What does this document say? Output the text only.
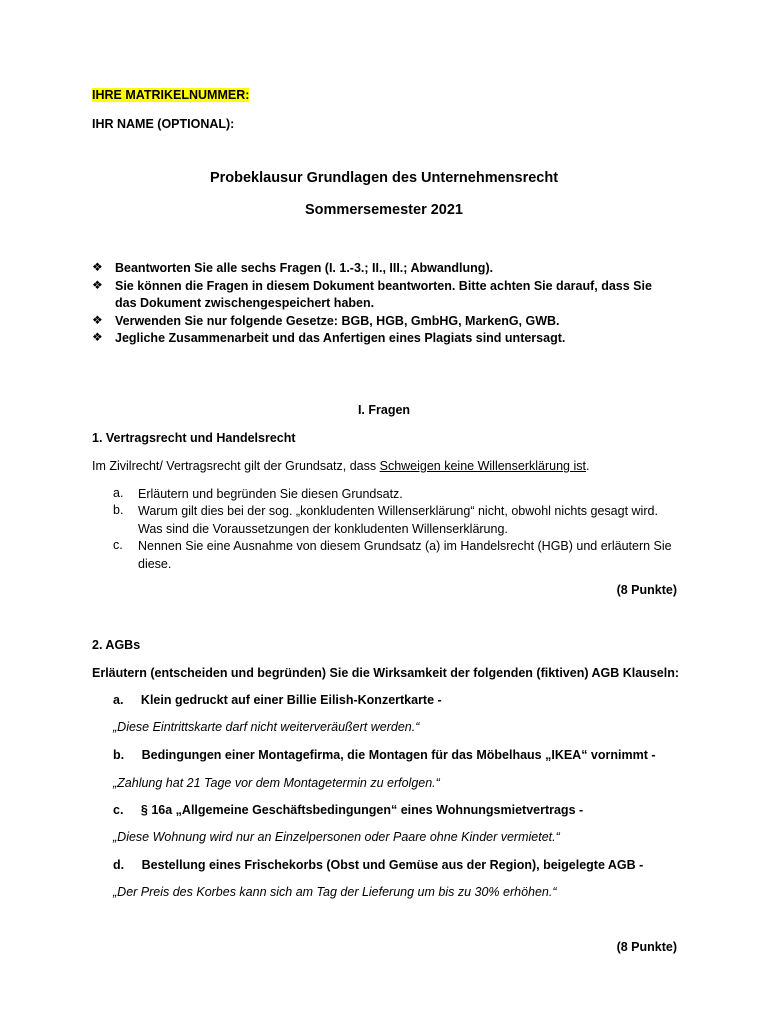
IHRE MATRIKELNUMMER:
IHR NAME (OPTIONAL):
Probeklausur Grundlagen des Unternehmensrecht
Sommersemester 2021
❖ Beantworten Sie alle sechs Fragen (I. 1.-3.; II., III.; Abwandlung).
❖ Sie können die Fragen in diesem Dokument beantworten. Bitte achten Sie darauf, dass Sie das Dokument zwischengespeichert haben.
❖ Verwenden Sie nur folgende Gesetze: BGB, HGB, GmbHG, MarkenG, GWB.
❖ Jegliche Zusammenarbeit und das Anfertigen eines Plagiats sind untersagt.
I. Fragen
1. Vertragsrecht und Handelsrecht
Im Zivilrecht/ Vertragsrecht gilt der Grundsatz, dass Schweigen keine Willenserklärung ist.
a. Erläutern und begründen Sie diesen Grundsatz.
b. Warum gilt dies bei der sog. „konkludenten Willenserklärung“ nicht, obwohl nichts gesagt wird. Was sind die Voraussetzungen der konkludenten Willenserklärung.
c. Nennen Sie eine Ausnahme von diesem Grundsatz (a) im Handelsrecht (HGB) und erläutern Sie diese.
(8 Punkte)
2. AGBs
Erläutern (entscheiden und begründen) Sie die Wirksamkeit der folgenden (fiktiven) AGB Klauseln:
a. Klein gedruckt auf einer Billie Eilish-Konzertkarte -
„Diese Eintrittskarte darf nicht weiterveräußert werden.“
b. Bedingungen einer Montagefirma, die Montagen für das Möbelhaus „IKEA“ vornimmt -
„Zahlung hat 21 Tage vor dem Montagetermin zu erfolgen.“
c. § 16a „Allgemeine Geschäftsbedingungen“ eines Wohnungsmietvertrags -
„Diese Wohnung wird nur an Einzelpersonen oder Paare ohne Kinder vermietet.“
d. Bestellung eines Frischekorbs (Obst und Gemüse aus der Region), beigelegte AGB -
„Der Preis des Korbes kann sich am Tag der Lieferung um bis zu 30% erhöhen.“
(8 Punkte)
